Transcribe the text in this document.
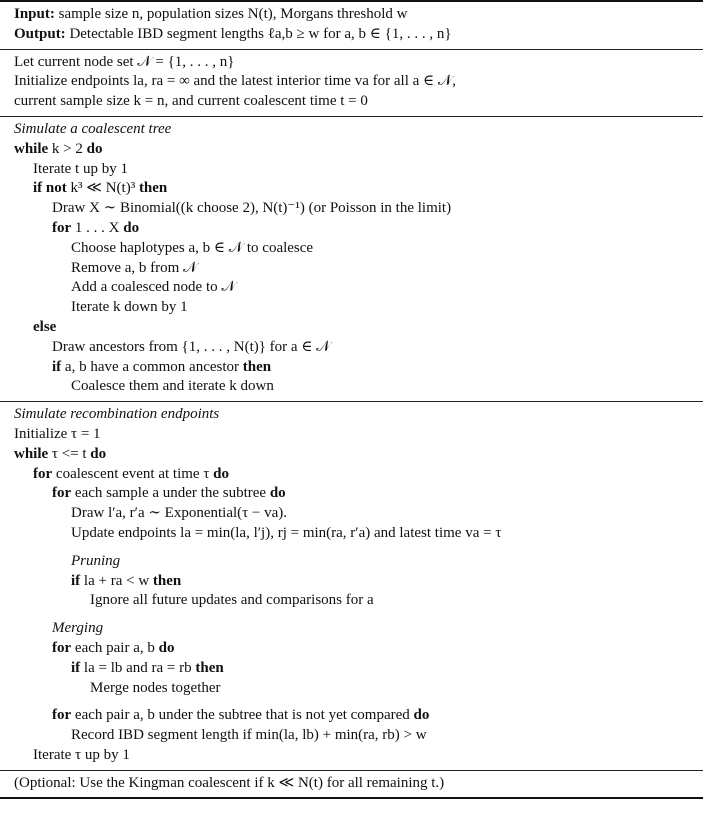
Input: sample size n, population sizes N(t), Morgans threshold w
Output: Detectable IBD segment lengths ℓa,b ≥ w for a, b ∈ {1, . . . , n}
Let current node set 𝒩 = {1, . . . , n}
Initialize endpoints la, ra = ∞ and the latest interior time va for all a ∈ 𝒩,
current sample size k = n, and current coalescent time t = 0
Simulate a coalescent tree
while k > 2 do
Iterate t up by 1
if not k³ ≪ N(t)³ then
Draw X ∼ Binomial((k choose 2), N(t)⁻¹) (or Poisson in the limit)
for 1 . . . X do
Choose haplotypes a, b ∈ 𝒩 to coalesce
Remove a, b from 𝒩
Add a coalesced node to 𝒩
Iterate k down by 1
else
Draw ancestors from {1, . . . , N(t)} for a ∈ 𝒩
if a, b have a common ancestor then
Coalesce them and iterate k down
Simulate recombination endpoints
Initialize τ = 1
while τ <= t do
for coalescent event at time τ do
for each sample a under the subtree do
Draw l′a, r′a ∼ Exponential(τ − va).
Update endpoints la = min(la, l′j), rj = min(ra, r′a) and latest time va = τ
Pruning
if la + ra < w then
Ignore all future updates and comparisons for a
Merging
for each pair a, b do
if la = lb and ra = rb then
Merge nodes together
for each pair a, b under the subtree that is not yet compared do
Record IBD segment length if min(la, lb) + min(ra, rb) > w
Iterate τ up by 1
(Optional: Use the Kingman coalescent if k ≪ N(t) for all remaining t.)
